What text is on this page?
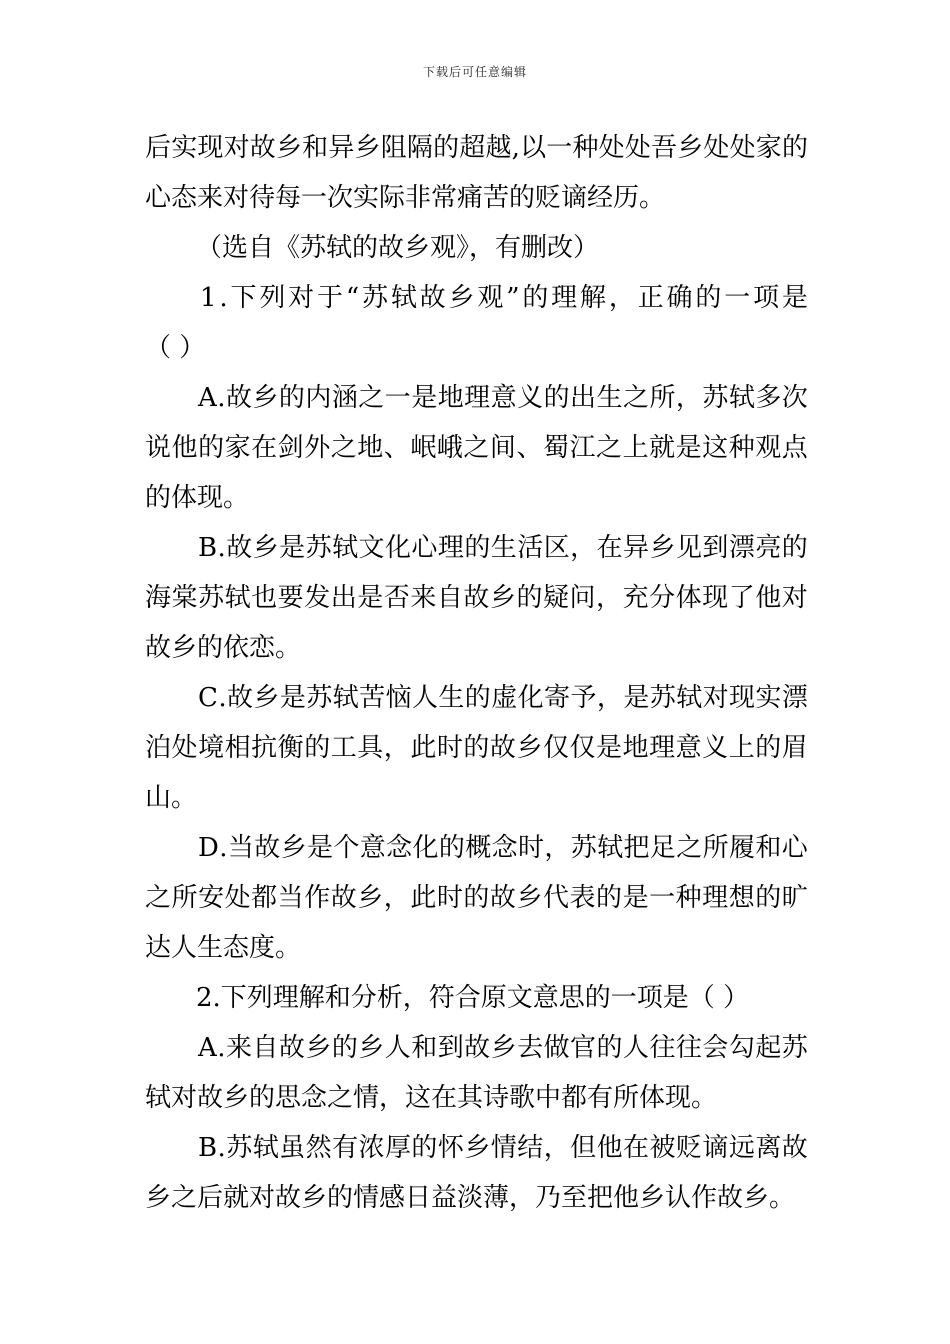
下载后可任意编辑
后 实 现 对 故 乡 和 异 乡 阻 隔 的 超 越 , 以 一 种 处 处 吾 乡 处 处 家 的
心态来对待每一次实际非常痛苦的贬谪经历。
（选自《苏轼的故乡观》，有删改）
1 . 下 列 对 于 “ 苏 轼 故 乡 观 ” 的 理 解 ， 正 确 的 一 项 是
（ ）
A . 故 乡 的 内 涵 之 一 是 地 理 意 义 的 出 生 之 所 ， 苏 轼 多 次
说 他 的 家 在 剑 外 之 地 、 岷 峨 之 间 、 蜀 江 之 上 就 是 这 种 观 点
的体现。
B . 故 乡 是 苏 轼 文 化 心 理 的 生 活 区 ， 在 异 乡 见 到 漂 亮 的
海 棠 苏 轼 也 要 发 出 是 否 来 自 故 乡 的 疑 问 ， 充 分 体 现 了 他 对
故乡的依恋。
C . 故 乡 是 苏 轼 苦 恼 人 生 的 虚 化 寄 予 ， 是 苏 轼 对 现 实 漂
泊 处 境 相 抗 衡 的 工 具 ， 此 时 的 故 乡 仅 仅 是 地 理 意 义 上 的 眉
山。
D . 当 故 乡 是 个 意 念 化 的 概 念 时 ， 苏 轼 把 足 之 所 履 和 心
之 所 安 处 都 当 作 故 乡 ， 此 时 的 故 乡 代 表 的 是 一 种 理 想 的 旷
达人生态度。
2.下列理解和分析，符合原文意思的一项是（ ）
A . 来 自 故 乡 的 乡 人 和 到 故 乡 去 做 官 的 人 往 往 会 勾 起 苏
轼对故乡的思念之情，这在其诗歌中都有所体现。
B . 苏 轼 虽 然 有 浓 厚 的 怀 乡 情 结 ， 但 他 在 被 贬 谪 远 离 故
乡之后就对故乡的情感日益淡薄，乃至把他乡认作故乡。
